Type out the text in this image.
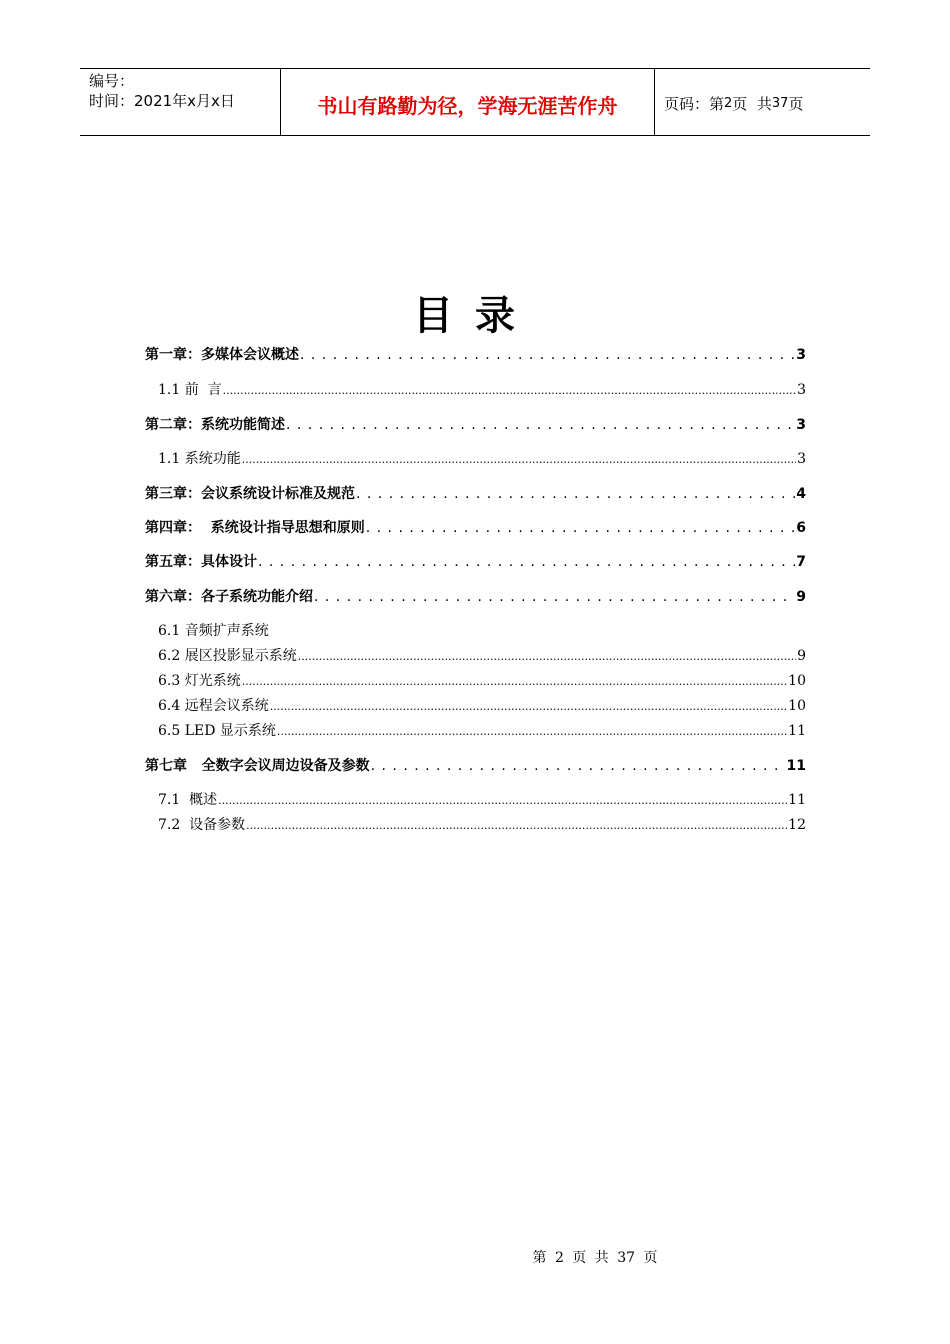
编号：
时间：2021年x月x日	书山有路勤为径，学海无涯苦作舟	页码：第 2 页  共 37 页
目录
第一章：多媒体会议概述 . . .	3
1.1 前  言 .....	3
第二章：系统功能简述 . . .	3
1.1 系统功能 .....	3
第三章：会议系统设计标准及规范 . . .	4
第四章：  系统设计指导思想和原则 . . .	6
第五章：具体设计 . . .	7
第六章：各子系统功能介绍 . . .	9
6.1 音频扩声系统
6.2 展区投影显示系统 .....	9
6.3 灯光系统 .....	10
6.4 远程会议系统 .....	10
6.5 LED 显示系统 .....	11
第七章   全数字会议周边设备及参数 . . .	11
7.1  概述 .....	11
7.2  设备参数 .....	12
第 2 页 共 37 页
